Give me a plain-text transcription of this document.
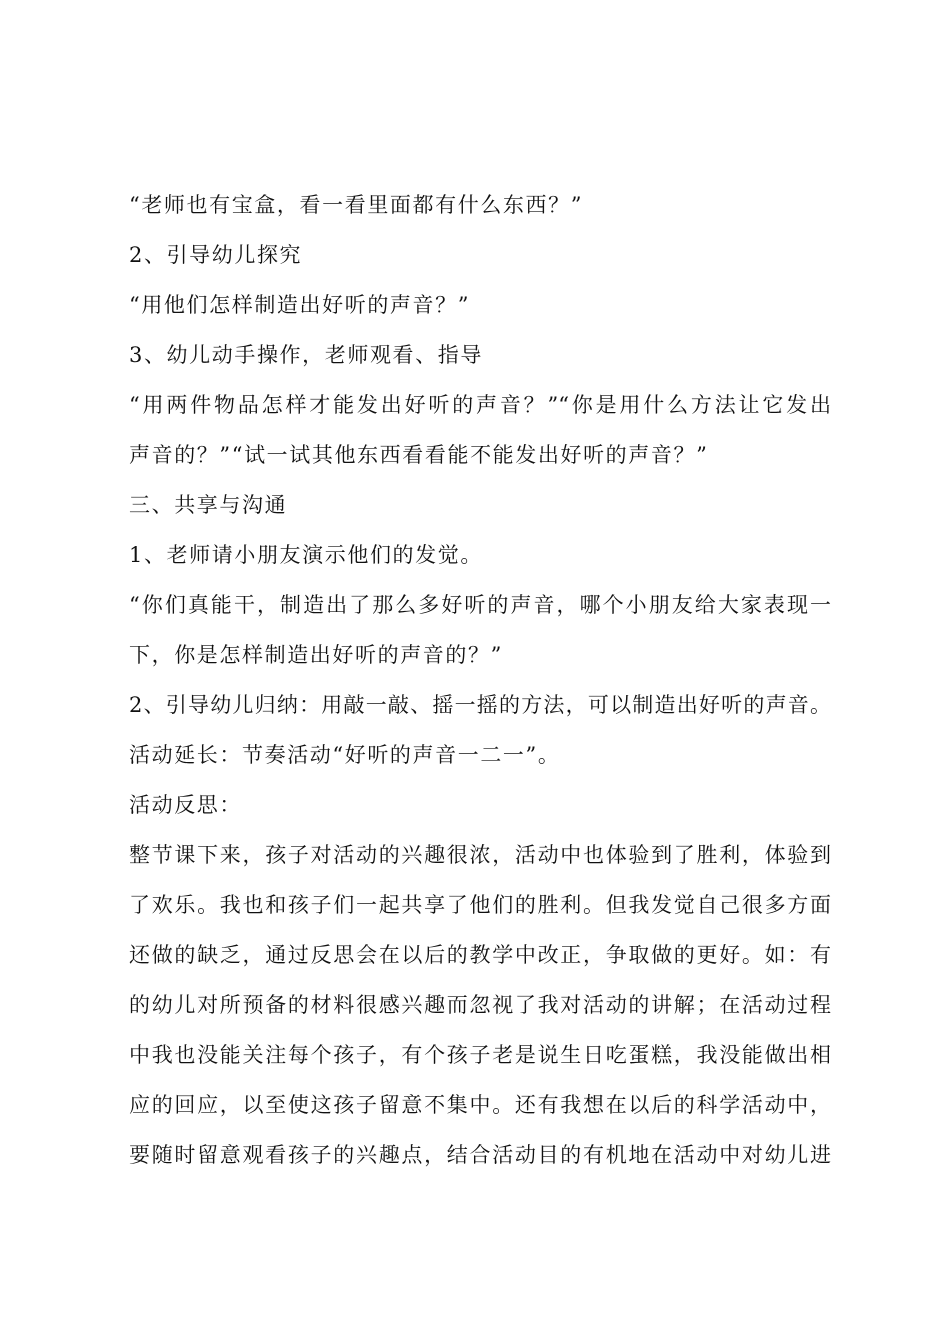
“老师也有宝盒，看一看里面都有什么东西？”
2、引导幼儿探究
“用他们怎样制造出好听的声音？”
3、幼儿动手操作，老师观看、指导
“用两件物品怎样才能发出好听的声音？”“你是用什么方法让它发出
声音的？”“试一试其他东西看看能不能发出好听的声音？”
三、共享与沟通
1、老师请小朋友演示他们的发觉。
“你们真能干，制造出了那么多好听的声音，哪个小朋友给大家表现一
下，你是怎样制造出好听的声音的？”
2、引导幼儿归纳：用敲一敲、摇一摇的方法，可以制造出好听的声音。
活动延长：节奏活动“好听的声音一二一”。
活动反思：
整节课下来，孩子对活动的兴趣很浓，活动中也体验到了胜利，体验到
了欢乐。我也和孩子们一起共享了他们的胜利。但我发觉自己很多方面
还做的缺乏，通过反思会在以后的教学中改正，争取做的更好。如：有
的幼儿对所预备的材料很感兴趣而忽视了我对活动的讲解；在活动过程
中我也没能关注每个孩子，有个孩子老是说生日吃蛋糕，我没能做出相
应的回应，以至使这孩子留意不集中。还有我想在以后的科学活动中，
要随时留意观看孩子的兴趣点，结合活动目的有机地在活动中对幼儿进
